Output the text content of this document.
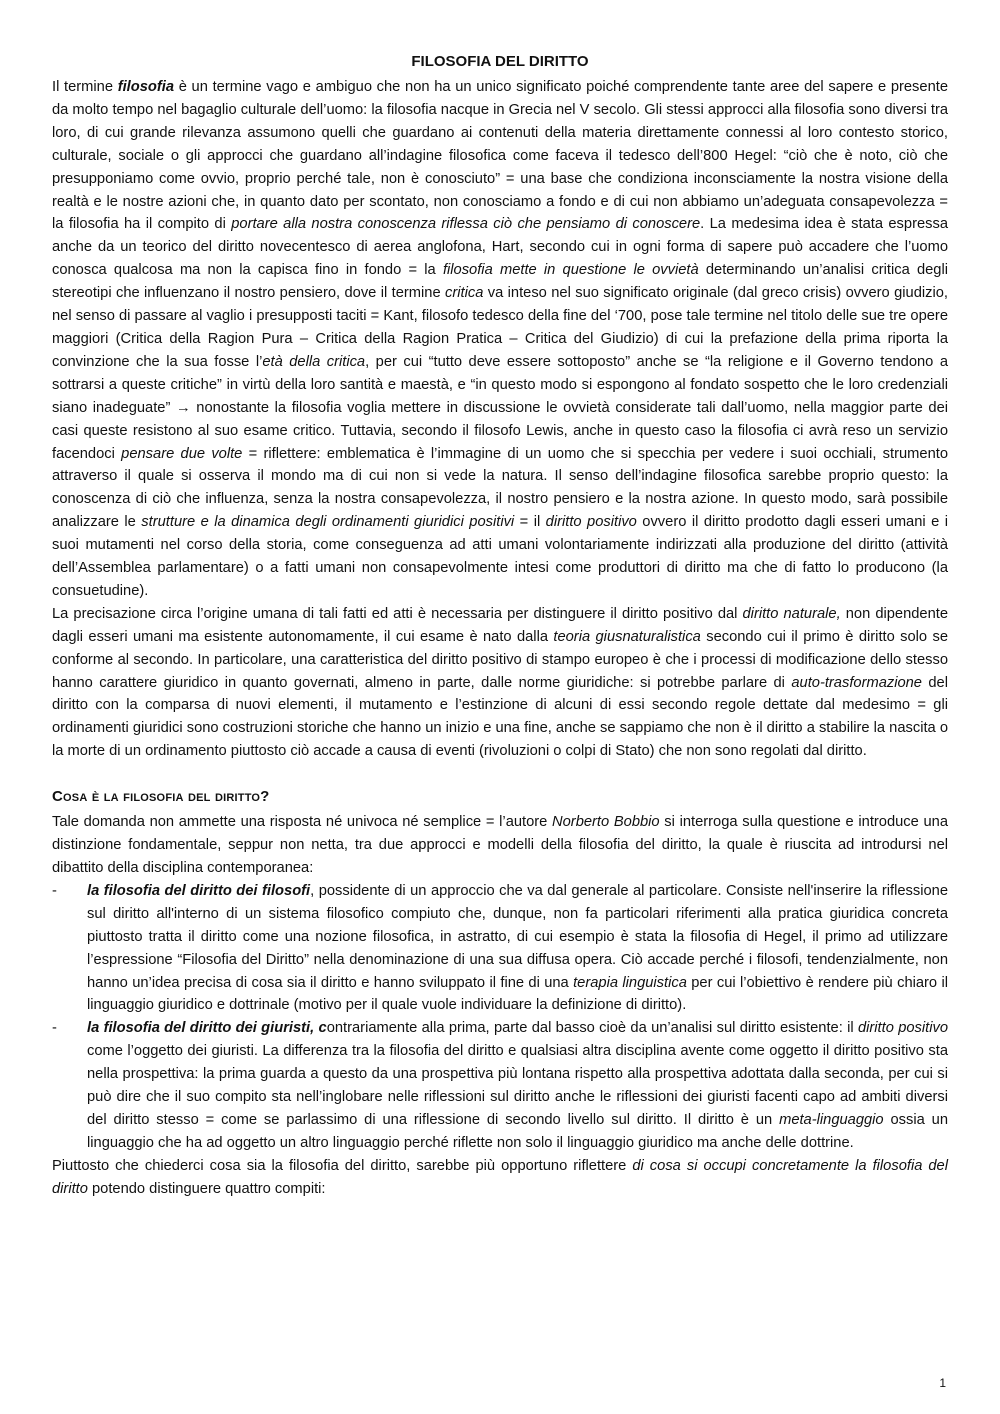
FILOSOFIA DEL DIRITTO

Il termine filosofia è un termine vago e ambiguo che non ha un unico significato poiché comprendente tante aree del sapere e presente da molto tempo nel bagaglio culturale dell’uomo: la filosofia nacque in Grecia nel V secolo. Gli stessi approcci alla filosofia sono diversi tra loro, di cui grande rilevanza assumono quelli che guardano ai contenuti della materia direttamente connessi al loro contesto storico, culturale, sociale o gli approcci che guardano all’indagine filosofica come faceva il tedesco dell’800 Hegel: “ciò che è noto, ciò che presupponiamo come ovvio, proprio perché tale, non è conosciuto” = una base che condiziona inconsciamente la nostra visione della realtà e le nostre azioni che, in quanto dato per scontato, non conosciamo a fondo e di cui non abbiamo un’adeguata consapevolezza = la filosofia ha il compito di portare alla nostra conoscenza riflessa ciò che pensiamo di conoscere. La medesima idea è stata espressa anche da un teorico del diritto novecentesco di aerea anglofona, Hart, secondo cui in ogni forma di sapere può accadere che l’uomo conosca qualcosa ma non la capisca fino in fondo = la filosofia mette in questione le ovvietà determinando un’analisi critica degli stereotipi che influenzano il nostro pensiero, dove il termine critica va inteso nel suo significato originale (dal greco crisis) ovvero giudizio, nel senso di passare al vaglio i presupposti taciti = Kant, filosofo tedesco della fine del ‘700, pose tale termine nel titolo delle sue tre opere maggiori (Critica della Ragion Pura – Critica della Ragion Pratica – Critica del Giudizio) di cui la prefazione della prima riporta la convinzione che la sua fosse l’età della critica, per cui “tutto deve essere sottoposto” anche se “la religione e il Governo tendono a sottrarsi a queste critiche” in virtù della loro santità e maestà, e “in questo modo si espongono al fondato sospetto che le loro credenziali siano inadeguate” → nonostante la filosofia voglia mettere in discussione le ovvietà considerate tali dall’uomo, nella maggior parte dei casi queste resistono al suo esame critico. Tuttavia, secondo il filosofo Lewis, anche in questo caso la filosofia ci avrà reso un servizio facendoci pensare due volte = riflettere: emblematica è l’immagine di un uomo che si specchia per vedere i suoi occhiali, strumento attraverso il quale si osserva il mondo ma di cui non si vede la natura. Il senso dell’indagine filosofica sarebbe proprio questo: la conoscenza di ciò che influenza, senza la nostra consapevolezza, il nostro pensiero e la nostra azione. In questo modo, sarà possibile analizzare le strutture e la dinamica degli ordinamenti giuridici positivi = il diritto positivo ovvero il diritto prodotto dagli esseri umani e i suoi mutamenti nel corso della storia, come conseguenza ad atti umani volontariamente indirizzati alla produzione del diritto (attività dell’Assemblea parlamentare) o a fatti umani non consapevolmente intesi come produttori di diritto ma che di fatto lo producono (la consuetudine).

La precisazione circa l’origine umana di tali fatti ed atti è necessaria per distinguere il diritto positivo dal diritto naturale, non dipendente dagli esseri umani ma esistente autonomamente, il cui esame è nato dalla teoria giusnaturalistica secondo cui il primo è diritto solo se conforme al secondo. In particolare, una caratteristica del diritto positivo di stampo europeo è che i processi di modificazione dello stesso hanno carattere giuridico in quanto governati, almeno in parte, dalle norme giuridiche: si potrebbe parlare di auto-trasformazione del diritto con la comparsa di nuovi elementi, il mutamento e l’estinzione di alcuni di essi secondo regole dettate dal medesimo = gli ordinamenti giuridici sono costruzioni storiche che hanno un inizio e una fine, anche se sappiamo che non è il diritto a stabilire la nascita o la morte di un ordinamento piuttosto ciò accade a causa di eventi (rivoluzioni o colpi di Stato) che non sono regolati dal diritto.

Cosa è la filosofia del diritto?

Tale domanda non ammette una risposta né univoca né semplice = l’autore Norberto Bobbio si interroga sulla questione e introduce una distinzione fondamentale, seppur non netta, tra due approcci e modelli della filosofia del diritto, la quale è riuscita ad introdursi nel dibattito della disciplina contemporanea:

- la filosofia del diritto dei filosofi, possidente di un approccio che va dal generale al particolare. Consiste nell'inserire la riflessione sul diritto all'interno di un sistema filosofico compiuto che, dunque, non fa particolari riferimenti alla pratica giuridica concreta piuttosto tratta il diritto come una nozione filosofica, in astratto, di cui esempio è stata la filosofia di Hegel, il primo ad utilizzare l’espressione “Filosofia del Diritto” nella denominazione di una sua diffusa opera. Ciò accade perché i filosofi, tendenzialmente, non hanno un’idea precisa di cosa sia il diritto e hanno sviluppato il fine di una terapia linguistica per cui l’obiettivo è rendere più chiaro il linguaggio giuridico e dottrinale (motivo per il quale vuole individuare la definizione di diritto).
- la filosofia del diritto dei giuristi, contrariamente alla prima, parte dal basso cioè da un’analisi sul diritto esistente: il diritto positivo come l’oggetto dei giuristi. La differenza tra la filosofia del diritto e qualsiasi altra disciplina avente come oggetto il diritto positivo sta nella prospettiva: la prima guarda a questo da una prospettiva più lontana rispetto alla prospettiva adottata dalla seconda, per cui si può dire che il suo compito sta nell’inglobare nelle riflessioni sul diritto anche le riflessioni dei giuristi facenti capo ad ambiti diversi del diritto stesso = come se parlassimo di una riflessione di secondo livello sul diritto. Il diritto è un meta-linguaggio ossia un linguaggio che ha ad oggetto un altro linguaggio perché riflette non solo il linguaggio giuridico ma anche delle dottrine.

Piuttosto che chiederci cosa sia la filosofia del diritto, sarebbe più opportuno riflettere di cosa si occupi concretamente la filosofia del diritto potendo distinguere quattro compiti:

1
